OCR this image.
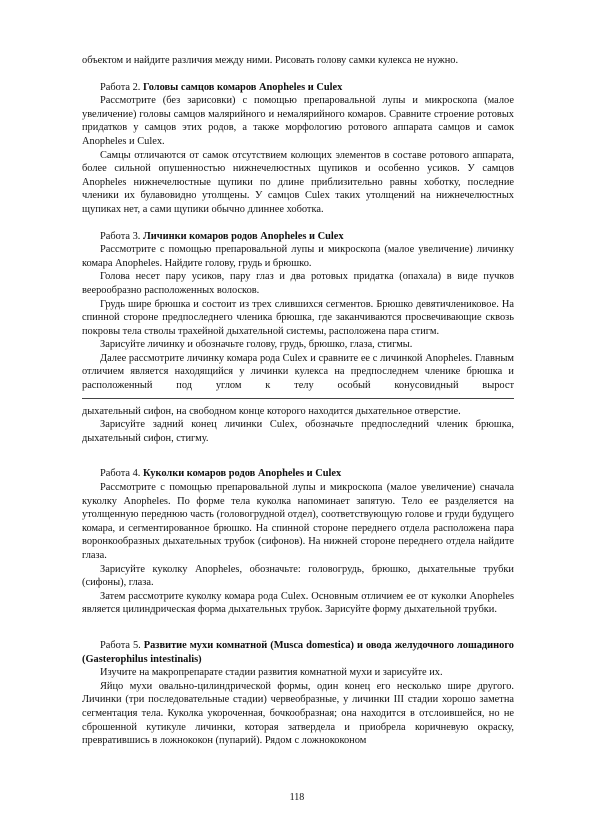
объектом и найдите различия между ними. Рисовать голову самки кулекса не нужно.

Работа 2. Головы самцов комаров Anopheles и Culex

Рассмотрите (без зарисовки) с помощью препаровальной лупы и микроскопа (малое увеличение) головы самцов малярийного и немалярийного комаров. Сравните строение ротовых придатков у самцов этих родов, а также морфологию ротового аппарата самцов и самок Anopheles и Culex.

Самцы отличаются от самок отсутствием колющих элементов в составе ротового аппарата, более сильной опушенностью нижнечелюстных щупиков и особенно усиков. У самцов Anopheles нижнечелюстные щупики по длине приблизительно равны хоботку, последние членики их булавовидно утолщены. У самцов Culex таких утолщений на нижнечелюстных щупиках нет, а сами щупики обычно длиннее хоботка.

Работа 3. Личинки комаров родов Anopheles и Culex

Рассмотрите с помощью препаровальной лупы и микроскопа (малое увеличение) личинку комара Anopheles. Найдите голову, грудь и брюшко.

Голова несет пару усиков, пару глаз и два ротовых придатка (опахала) в виде пучков веерообразно расположенных волосков.

Грудь шире брюшка и состоит из трех слившихся сегментов. Брюшко девятичлениковое. На спинной стороне предпоследнего членика брюшка, где заканчиваются просвечивающие сквозь покровы тела стволы трахейной дыхательной системы, расположена пара стигм.

Зарисуйте личинку и обозначьте голову, грудь, брюшко, глаза, стигмы.

Далее рассмотрите личинку комара рода Culex и сравните ее с личинкой Anopheles. Главным отличием является находящийся у личинки кулекса на предпоследнем членике брюшка и расположенный под углом к телу особый конусовидный вырост

дыхательный сифон, на свободном конце которого находится дыхательное отверстие.

Зарисуйте задний конец личинки Culex, обозначьте предпоследний членик брюшка, дыхательный сифон, стигму.

Работа 4. Куколки комаров родов Anopheles и Culex

Рассмотрите с помощью препаровальной лупы и микроскопа (малое увеличение) сначала куколку Anopheles. По форме тела куколка напоминает запятую. Тело ее разделяется на утолщенную переднюю часть (головогрудной отдел), соответствующую голове и груди будущего комара, и сегментированное брюшко. На спинной стороне переднего отдела расположена пара воронкообразных дыхательных трубок (сифонов). На нижней стороне переднего отдела найдите глаза.

Зарисуйте куколку Anopheles, обозначьте: головогрудь, брюшко, дыхательные трубки (сифоны), глаза.

Затем рассмотрите куколку комара рода Culex. Основным отличием ее от куколки Anopheles является цилиндрическая форма дыхательных трубок. Зарисуйте форму дыхательной трубки.

Работа 5. Развитие мухи комнатной (Musca domestica) и овода желудочного лошадиного (Gasterophilus intestinalis)

Изучите на макропрепарате стадии развития комнатной мухи и зарисуйте их.

Яйцо мухи овально-цилиндрической формы, один конец его несколько шире другого. Личинки (три последовательные стадии) червеобразные, у личинки III стадии хорошо заметна сегментация тела. Куколка укороченная, бочкообразная; она находится в отслоившейся, но не сброшенной кутикуле личинки, которая затвердела и приобрела коричневую окраску, превратившись в ложнококон (пупарий). Рядом с ложнококоном

118
